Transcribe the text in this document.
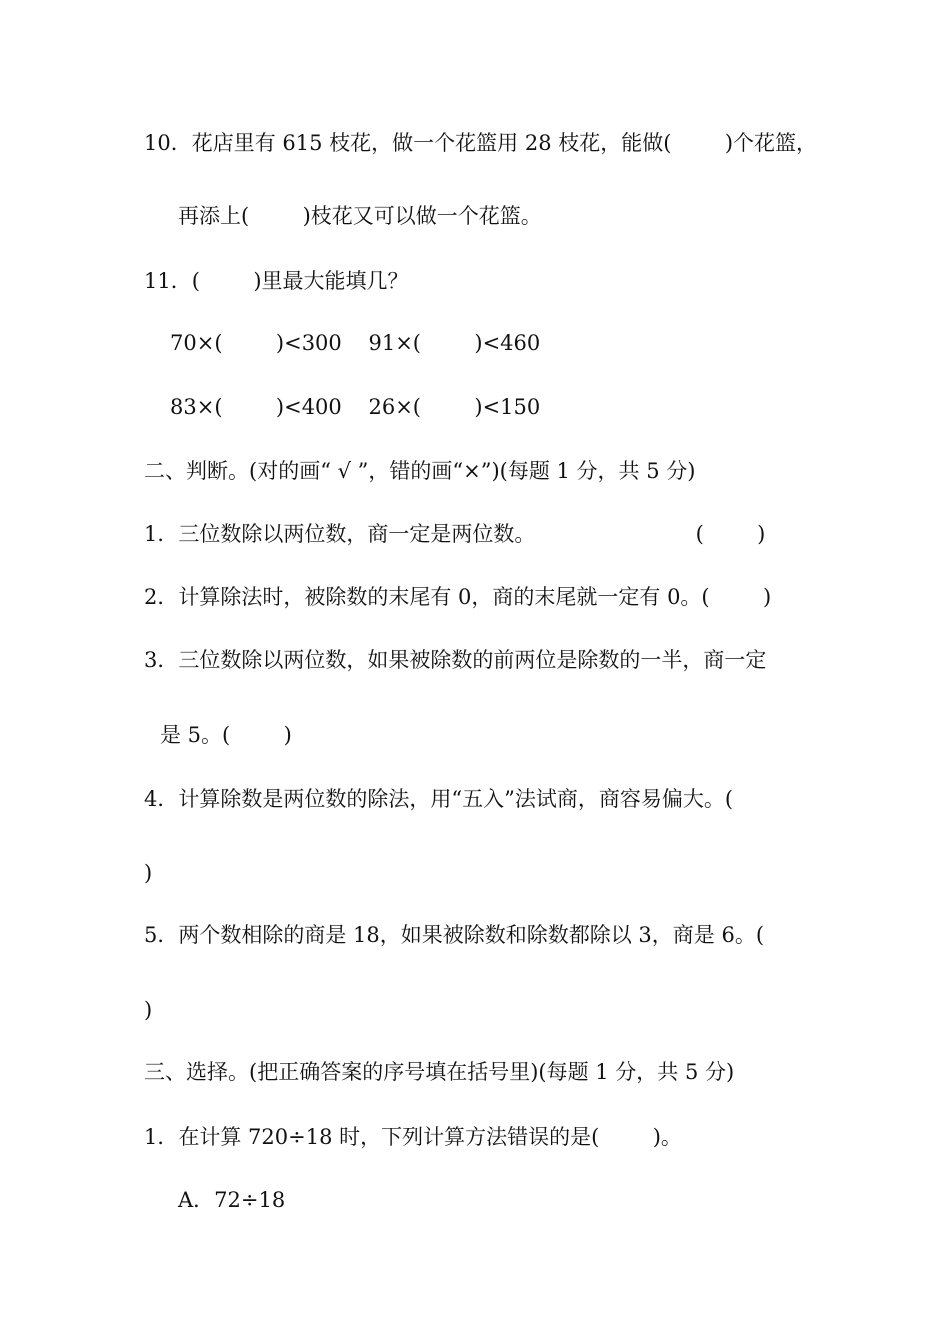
10．花店里有 615 枝花，做一个花篮用 28 枝花，能做(        )个花篮，
再添上(        )枝花又可以做一个花篮。
11．(        )里最大能填几？
70×(        )<300    91×(        )<460
83×(        )<400    26×(        )<150
二、判断。(对的画“ √ ”，错的画“×”)(每题 1 分，共 5 分)
1．三位数除以两位数，商一定是两位数。                        (        )
2．计算除法时，被除数的末尾有 0，商的末尾就一定有 0。(        )
3．三位数除以两位数，如果被除数的前两位是除数的一半，商一定
是 5。(        )
4．计算除数是两位数的除法，用“五入”法试商，商容易偏大。(
)
5．两个数相除的商是 18，如果被除数和除数都除以 3，商是 6。(
)
三、选择。(把正确答案的序号填在括号里)(每题 1 分，共 5 分)
1．在计算 720÷18 时，下列计算方法错误的是(        )。
A．72÷18
